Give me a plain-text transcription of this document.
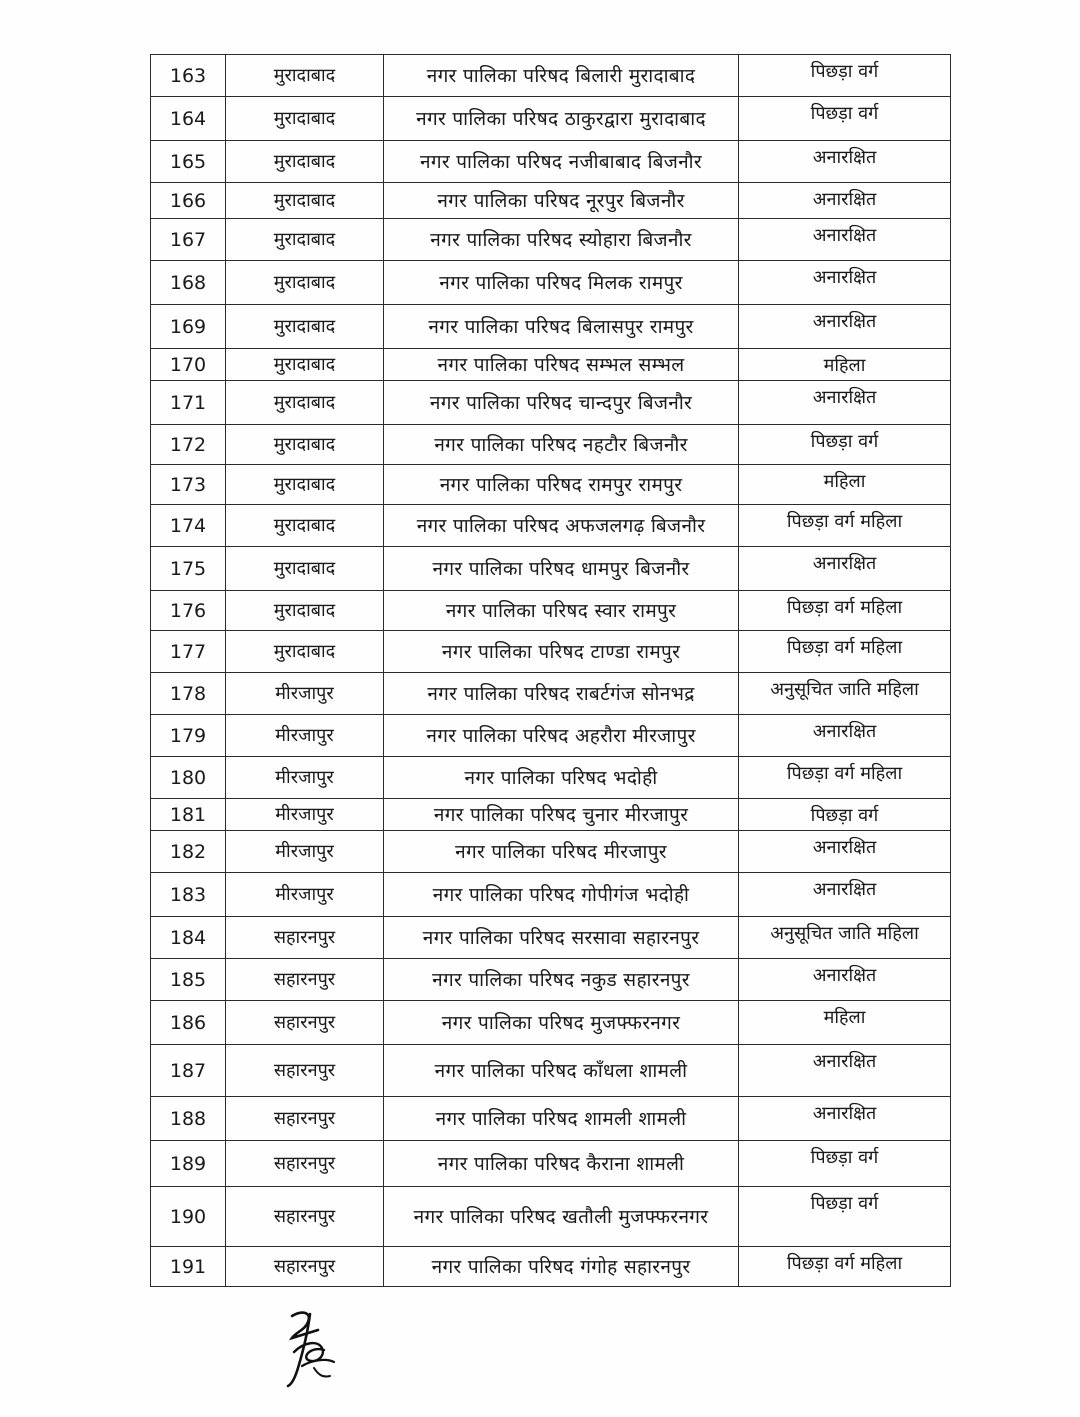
163	मुरादाबाद	नगर पालिका परिषद बिलारी मुरादाबाद	पिछड़ा वर्ग
164	मुरादाबाद	नगर पालिका परिषद ठाकुरद्वारा मुरादाबाद	पिछड़ा वर्ग
165	मुरादाबाद	नगर पालिका परिषद नजीबाबाद बिजनौर	अनारक्षित
166	मुरादाबाद	नगर पालिका परिषद नूरपुर बिजनौर	अनारक्षित
167	मुरादाबाद	नगर पालिका परिषद स्योहारा बिजनौर	अनारक्षित
168	मुरादाबाद	नगर पालिका परिषद मिलक रामपुर	अनारक्षित
169	मुरादाबाद	नगर पालिका परिषद बिलासपुर रामपुर	अनारक्षित
170	मुरादाबाद	नगर पालिका परिषद सम्भल सम्भल	महिला
171	मुरादाबाद	नगर पालिका परिषद चान्दपुर बिजनौर	अनारक्षित
172	मुरादाबाद	नगर पालिका परिषद नहटौर बिजनौर	पिछड़ा वर्ग
173	मुरादाबाद	नगर पालिका परिषद रामपुर रामपुर	महिला
174	मुरादाबाद	नगर पालिका परिषद अफजलगढ़ बिजनौर	पिछड़ा वर्ग महिला
175	मुरादाबाद	नगर पालिका परिषद धामपुर बिजनौर	अनारक्षित
176	मुरादाबाद	नगर पालिका परिषद स्वार रामपुर	पिछड़ा वर्ग महिला
177	मुरादाबाद	नगर पालिका परिषद टाण्डा रामपुर	पिछड़ा वर्ग महिला
178	मीरजापुर	नगर पालिका परिषद राबर्टगंज सोनभद्र	अनुसूचित जाति महिला
179	मीरजापुर	नगर पालिका परिषद अहरौरा मीरजापुर	अनारक्षित
180	मीरजापुर	नगर पालिका परिषद भदोही	पिछड़ा वर्ग महिला
181	मीरजापुर	नगर पालिका परिषद चुनार मीरजापुर	पिछड़ा वर्ग
182	मीरजापुर	नगर पालिका परिषद मीरजापुर	अनारक्षित
183	मीरजापुर	नगर पालिका परिषद गोपीगंज भदोही	अनारक्षित
184	सहारनपुर	नगर पालिका परिषद सरसावा सहारनपुर	अनुसूचित जाति महिला
185	सहारनपुर	नगर पालिका परिषद नकुड सहारनपुर	अनारक्षित
186	सहारनपुर	नगर पालिका परिषद मुजफ्फरनगर	महिला
187	सहारनपुर	नगर पालिका परिषद काँधला शामली	अनारक्षित
188	सहारनपुर	नगर पालिका परिषद शामली शामली	अनारक्षित
189	सहारनपुर	नगर पालिका परिषद कैराना शामली	पिछड़ा वर्ग
190	सहारनपुर	नगर पालिका परिषद खतौली मुजफ्फरनगर	पिछड़ा वर्ग
191	सहारनपुर	नगर पालिका परिषद गंगोह सहारनपुर	पिछड़ा वर्ग महिला
